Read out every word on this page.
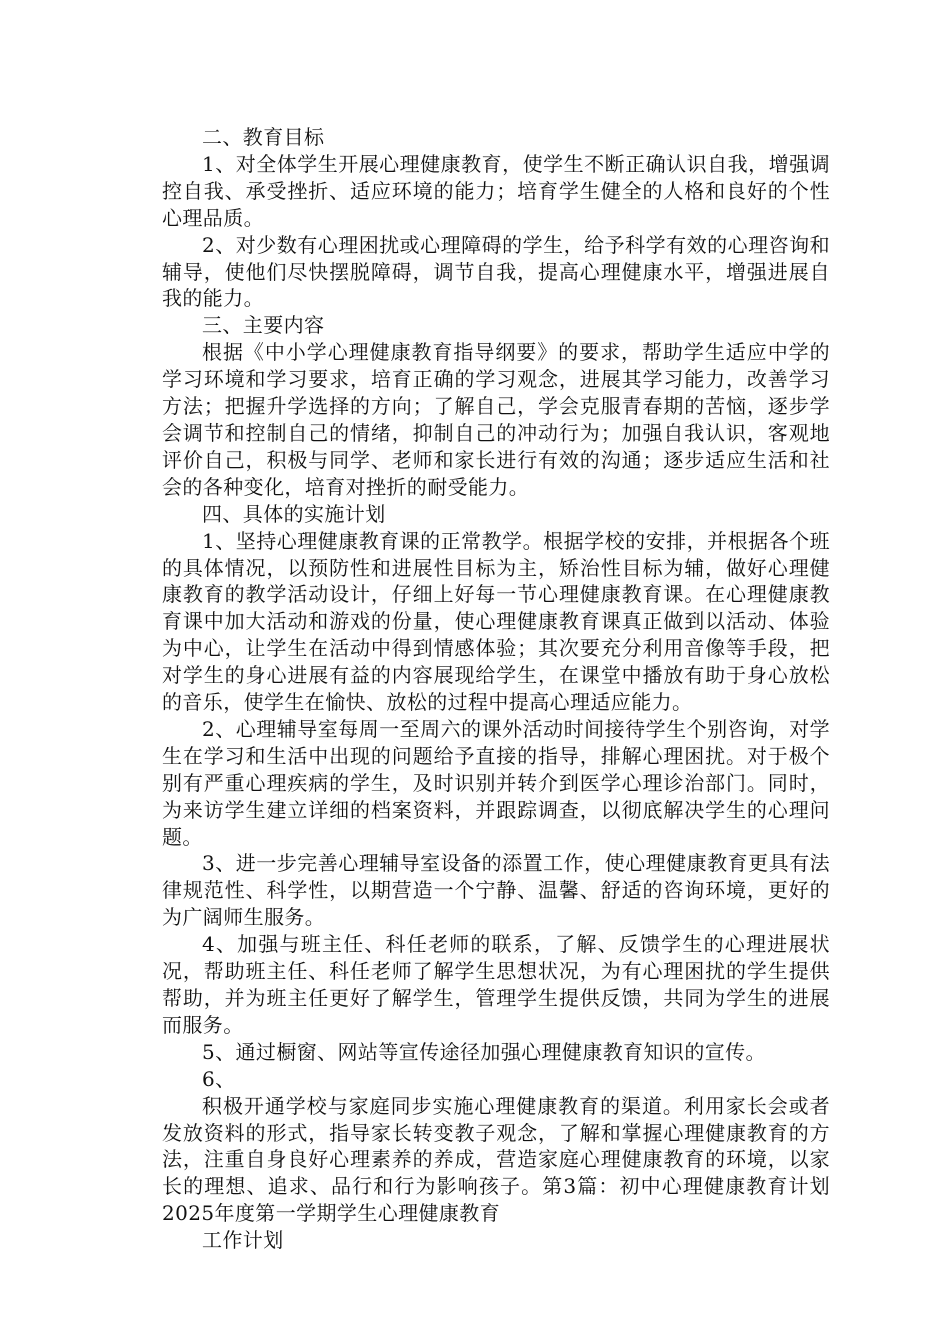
二、教育目标

1、对全体学生开展心理健康教育，使学生不断正确认识自我，增强调控自我、承受挫折、适应环境的能力；培育学生健全的人格和良好的个性心理品质。

2、对少数有心理困扰或心理障碍的学生，给予科学有效的心理咨询和辅导，使他们尽快摆脱障碍，调节自我，提高心理健康水平，增强进展自我的能力。

三、主要内容

根据《中小学心理健康教育指导纲要》的要求，帮助学生适应中学的学习环境和学习要求，培育正确的学习观念，进展其学习能力，改善学习方法；把握升学选择的方向；了解自己，学会克服青春期的苦恼，逐步学会调节和控制自己的情绪，抑制自己的冲动行为；加强自我认识，客观地评价自己，积极与同学、老师和家长进行有效的沟通；逐步适应生活和社会的各种变化，培育对挫折的耐受能力。

四、具体的实施计划

1、坚持心理健康教育课的正常教学。根据学校的安排，并根据各个班的具体情况，以预防性和进展性目标为主，矫治性目标为辅，做好心理健康教育的教学活动设计，仔细上好每一节心理健康教育课。在心理健康教育课中加大活动和游戏的份量，使心理健康教育课真正做到以活动、体验为中心，让学生在活动中得到情感体验；其次要充分利用音像等手段，把对学生的身心进展有益的内容展现给学生，在课堂中播放有助于身心放松的音乐，使学生在愉快、放松的过程中提高心理适应能力。

2、心理辅导室每周一至周六的课外活动时间接待学生个别咨询，对学生在学习和生活中出现的问题给予直接的指导，排解心理困扰。对于极个别有严重心理疾病的学生，及时识别并转介到医学心理诊治部门。同时，为来访学生建立详细的档案资料，并跟踪调查，以彻底解决学生的心理问题。

3、进一步完善心理辅导室设备的添置工作，使心理健康教育更具有法律规范性、科学性，以期营造一个宁静、温馨、舒适的咨询环境，更好的为广阔师生服务。

4、加强与班主任、科任老师的联系，了解、反馈学生的心理进展状况，帮助班主任、科任老师了解学生思想状况，为有心理困扰的学生提供帮助，并为班主任更好了解学生，管理学生提供反馈，共同为学生的进展而服务。

5、通过橱窗、网站等宣传途径加强心理健康教育知识的宣传。

6、

积极开通学校与家庭同步实施心理健康教育的渠道。利用家长会或者发放资料的形式，指导家长转变教子观念，了解和掌握心理健康教育的方法，注重自身良好心理素养的养成，营造家庭心理健康教育的环境，以家长的理想、追求、品行和行为影响孩子。第3篇：初中心理健康教育计划2025年度第一学期学生心理健康教育

工作计划
